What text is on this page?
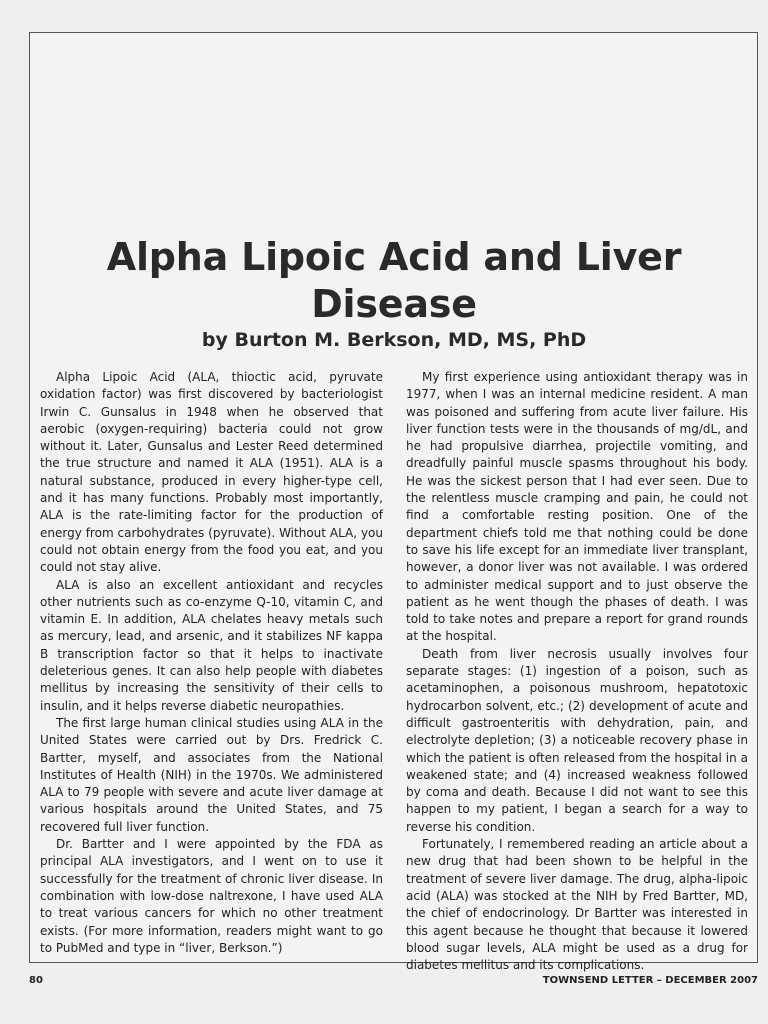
Alpha Lipoic Acid and Liver Disease
by Burton M. Berkson, MD, MS, PhD

Alpha Lipoic Acid (ALA, thioctic acid, pyruvate oxidation factor) was first discovered by bacteriologist Irwin C. Gunsalus in 1948 when he observed that aerobic (oxygen-requiring) bacteria could not grow without it. Later, Gunsalus and Lester Reed determined the true structure and named it ALA (1951). ALA is a natural substance, produced in every higher-type cell, and it has many functions. Probably most importantly, ALA is the rate-limiting factor for the production of energy from carbohydrates (pyruvate). Without ALA, you could not obtain energy from the food you eat, and you could not stay alive.

ALA is also an excellent antioxidant and recycles other nutrients such as co-enzyme Q-10, vitamin C, and vitamin E. In addition, ALA chelates heavy metals such as mercury, lead, and arsenic, and it stabilizes NF kappa B transcription factor so that it helps to inactivate deleterious genes. It can also help people with diabetes mellitus by increasing the sensitivity of their cells to insulin, and it helps reverse diabetic neuropathies.

The first large human clinical studies using ALA in the United States were carried out by Drs. Fredrick C. Bartter, myself, and associates from the National Institutes of Health (NIH) in the 1970s. We administered ALA to 79 people with severe and acute liver damage at various hospitals around the United States, and 75 recovered full liver function.

Dr. Bartter and I were appointed by the FDA as principal ALA investigators, and I went on to use it successfully for the treatment of chronic liver disease. In combination with low-dose naltrexone, I have used ALA to treat various cancers for which no other treatment exists. (For more information, readers might want to go to PubMed and type in “liver, Berkson.”)

My first experience using antioxidant therapy was in 1977, when I was an internal medicine resident. A man was poisoned and suffering from acute liver failure. His liver function tests were in the thousands of mg/dL, and he had propulsive diarrhea, projectile vomiting, and dreadfully painful muscle spasms throughout his body. He was the sickest person that I had ever seen. Due to the relentless muscle cramping and pain, he could not find a comfortable resting position. One of the department chiefs told me that nothing could be done to save his life except for an immediate liver transplant, however, a donor liver was not available. I was ordered to administer medical support and to just observe the patient as he went though the phases of death. I was told to take notes and prepare a report for grand rounds at the hospital.

Death from liver necrosis usually involves four separate stages: (1) ingestion of a poison, such as acetaminophen, a poisonous mushroom, hepatotoxic hydrocarbon solvent, etc.; (2) development of acute and difficult gastroenteritis with dehydration, pain, and electrolyte depletion; (3) a noticeable recovery phase in which the patient is often released from the hospital in a weakened state; and (4) increased weakness followed by coma and death. Because I did not want to see this happen to my patient, I began a search for a way to reverse his condition.

Fortunately, I remembered reading an article about a new drug that had been shown to be helpful in the treatment of severe liver damage. The drug, alpha-lipoic acid (ALA) was stocked at the NIH by Fred Bartter, MD, the chief of endocrinology. Dr Bartter was interested in this agent because he thought that because it lowered blood sugar levels, ALA might be used as a drug for diabetes mellitus and its complications.

80	TOWNSEND LETTER – DECEMBER 2007
